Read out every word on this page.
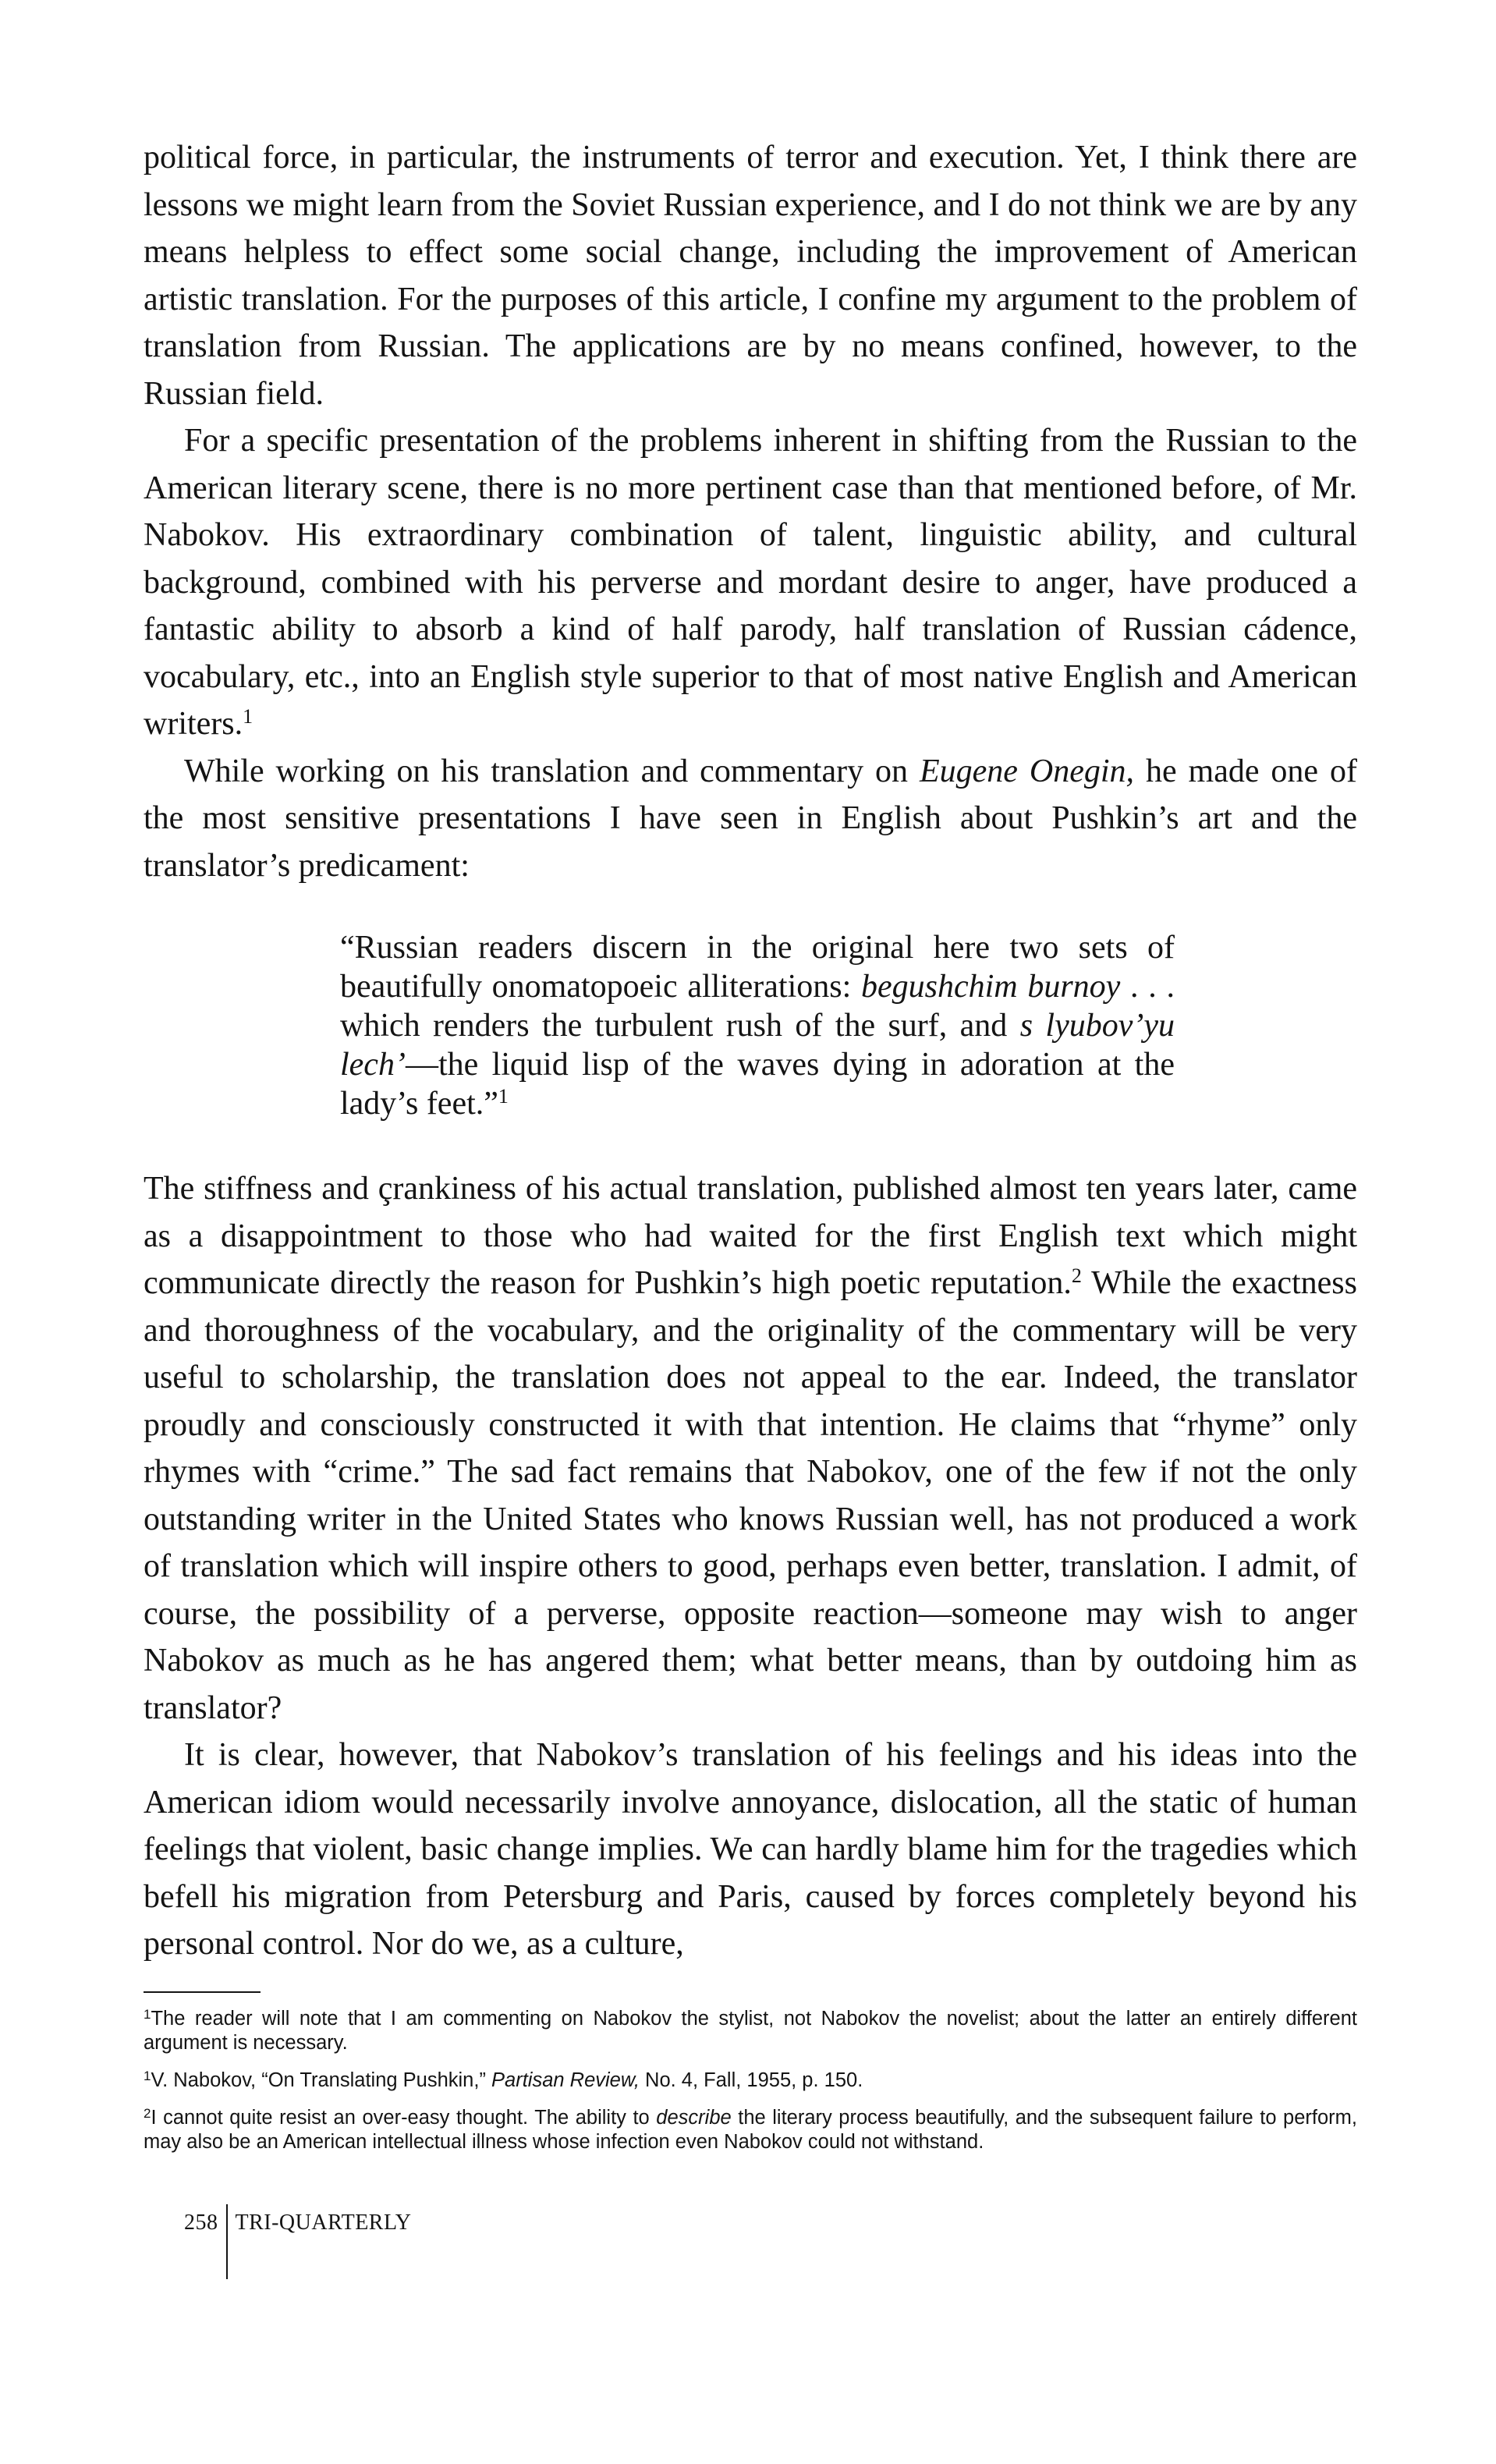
political force, in particular, the instruments of terror and execution. Yet, I think there are lessons we might learn from the Soviet Russian experience, and I do not think we are by any means helpless to effect some social change, including the improvement of American artistic translation. For the purposes of this article, I confine my argument to the problem of translation from Russian. The applications are by no means confined, however, to the Russian field.

For a specific presentation of the problems inherent in shifting from the Russian to the American literary scene, there is no more pertinent case than that mentioned before, of Mr. Nabokov. His extraordinary combination of talent, linguistic ability, and cultural background, combined with his perverse and mordant desire to anger, have produced a fantastic ability to absorb a kind of half parody, half translation of Russian cádence, vocabulary, etc., into an English style superior to that of most native English and American writers.$^1$

While working on his translation and commentary on Eugene Onegin, he made one of the most sensitive presentations I have seen in English about Pushkin’s art and the translator’s predicament:

“Russian readers discern in the original here two sets of beautifully onomatopoeic alliterations: begushchim burnoy . . . which renders the turbulent rush of the surf, and s lyubov’yu lech’—the liquid lisp of the waves dying in adoration at the lady’s feet.”$^1$

The stiffness and çrankiness of his actual translation, published almost ten years later, came as a disappointment to those who had waited for the first English text which might communicate directly the reason for Pushkin’s high poetic reputation.$^2$ While the exactness and thoroughness of the vocabulary, and the originality of the commentary will be very useful to scholarship, the translation does not appeal to the ear. Indeed, the translator proudly and consciously constructed it with that intention. He claims that “rhyme” only rhymes with “crime.” The sad fact remains that Nabokov, one of the few if not the only outstanding writer in the United States who knows Russian well, has not produced a work of translation which will inspire others to good, perhaps even better, translation. I admit, of course, the possibility of a perverse, opposite reaction—someone may wish to anger Nabokov as much as he has angered them; what better means, than by outdoing him as translator?

It is clear, however, that Nabokov’s translation of his feelings and his ideas into the American idiom would necessarily involve annoyance, dislocation, all the static of human feelings that violent, basic change implies. We can hardly blame him for the tragedies which befell his migration from Petersburg and Paris, caused by forces completely beyond his personal control. Nor do we, as a culture,

$^1$The reader will note that I am commenting on Nabokov the stylist, not Nabokov the novelist; about the latter an entirely different argument is necessary.

$^1$V. Nabokov, “On Translating Pushkin,” Partisan Review, No. 4, Fall, 1955, p. 150.

$^2$I cannot quite resist an over-easy thought. The ability to describe the literary process beautifully, and the subsequent failure to perform, may also be an American intellectual illness whose infection even Nabokov could not withstand.

258 TRI-QUARTERLY
